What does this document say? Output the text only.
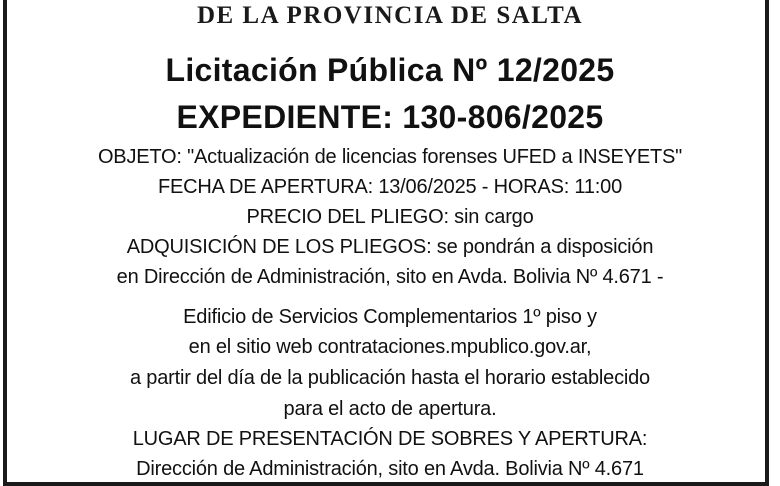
DE LA PROVINCIA DE SALTA
Licitación Pública Nº 12/2025
EXPEDIENTE: 130-806/2025
OBJETO: "Actualización de licencias forenses UFED a INSEYETS"
FECHA DE APERTURA: 13/06/2025 - HORAS: 11:00
PRECIO DEL PLIEGO: sin cargo
ADQUISICIÓN DE LOS PLIEGOS: se pondrán a disposición
en Dirección de Administración, sito en Avda. Bolivia Nº 4.671 -
Edificio de Servicios Complementarios 1º piso y
en el sitio web contrataciones.mpublico.gov.ar,
a partir del día de la publicación hasta el horario establecido
para el acto de apertura.
LUGAR DE PRESENTACIÓN DE SOBRES Y APERTURA:
Dirección de Administración, sito en Avda. Bolivia Nº 4.671
